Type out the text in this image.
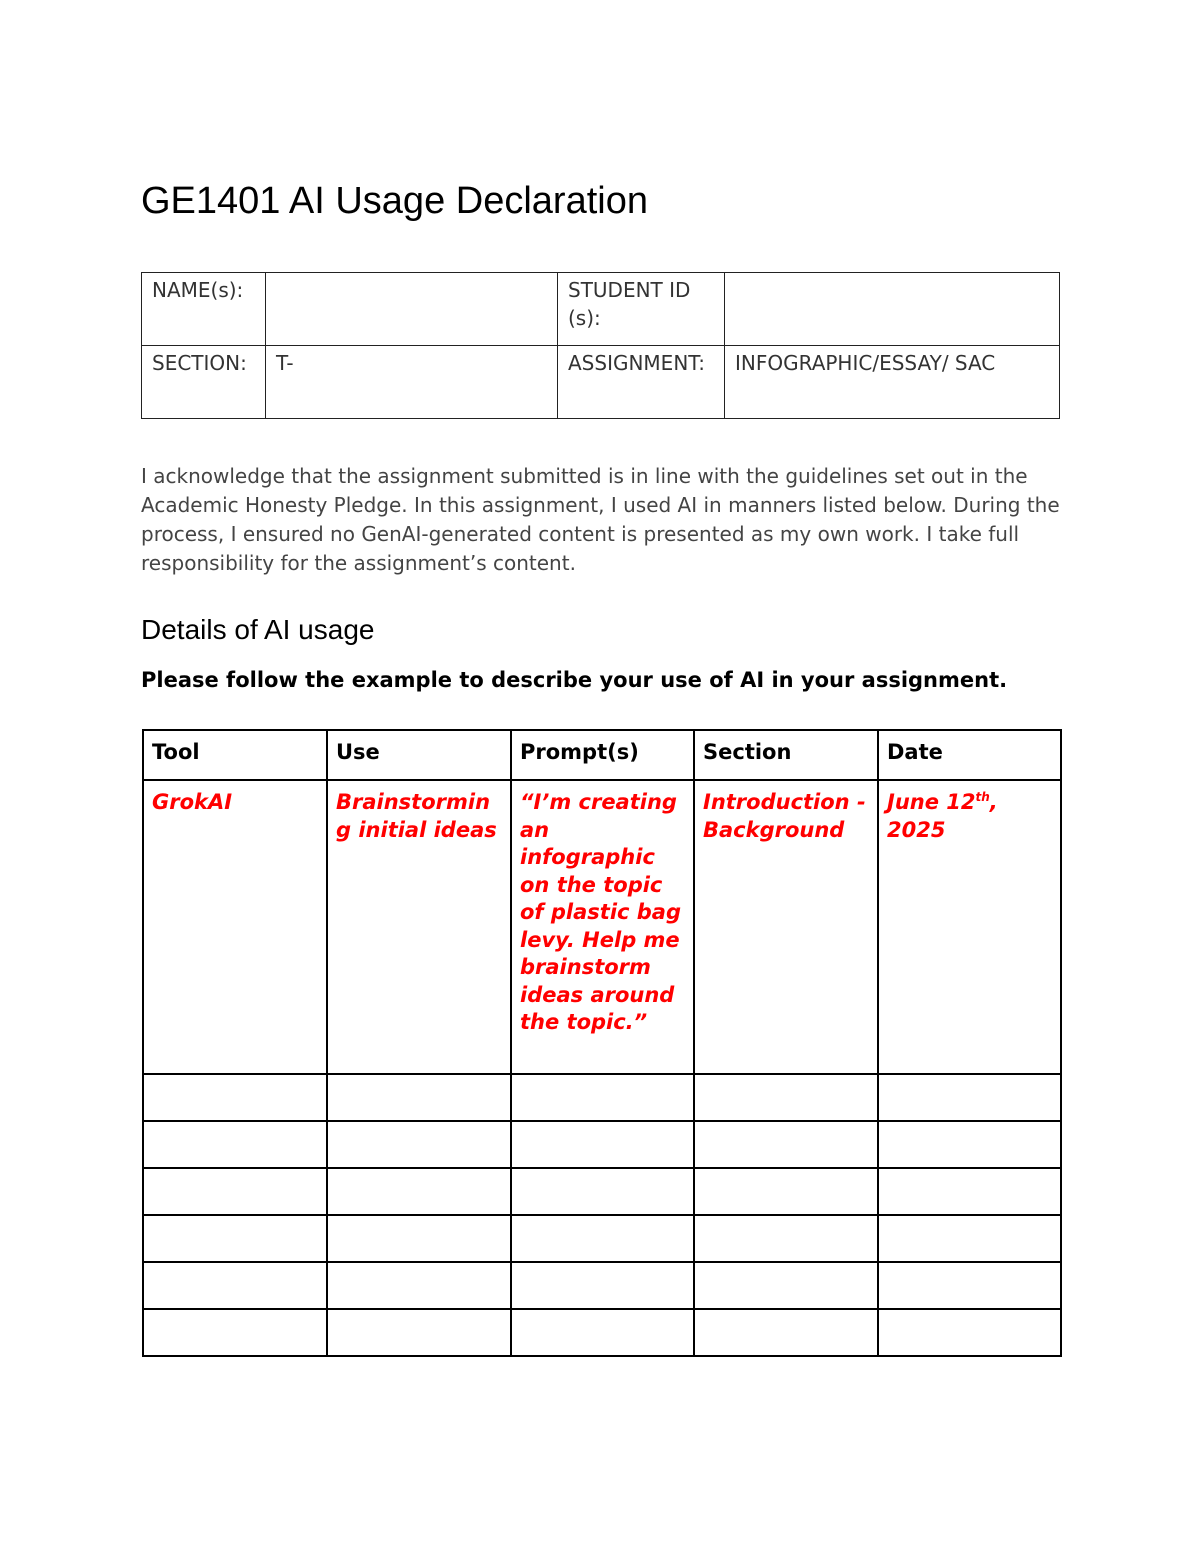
GE1401 AI Usage Declaration
NAME(s):		STUDENT ID(s):	
SECTION:	T-	ASSIGNMENT:	INFOGRAPHIC/ESSAY/ SAC

I acknowledge that the assignment submitted is in line with the guidelines set out in the Academic Honesty Pledge. In this assignment, I used AI in manners listed below. During the process, I ensured no GenAI-generated content is presented as my own work. I take full responsibility for the assignment’s content.

Details of AI usage

Please follow the example to describe your use of AI in your assignment.

Tool	Use	Prompt(s)	Section	Date
GrokAI	Brainstorming initial ideas	“I’m creating an infographic on the topic of plastic bag levy. Help me brainstorm ideas around the topic.”	Introduction - Background	June 12th, 2025
